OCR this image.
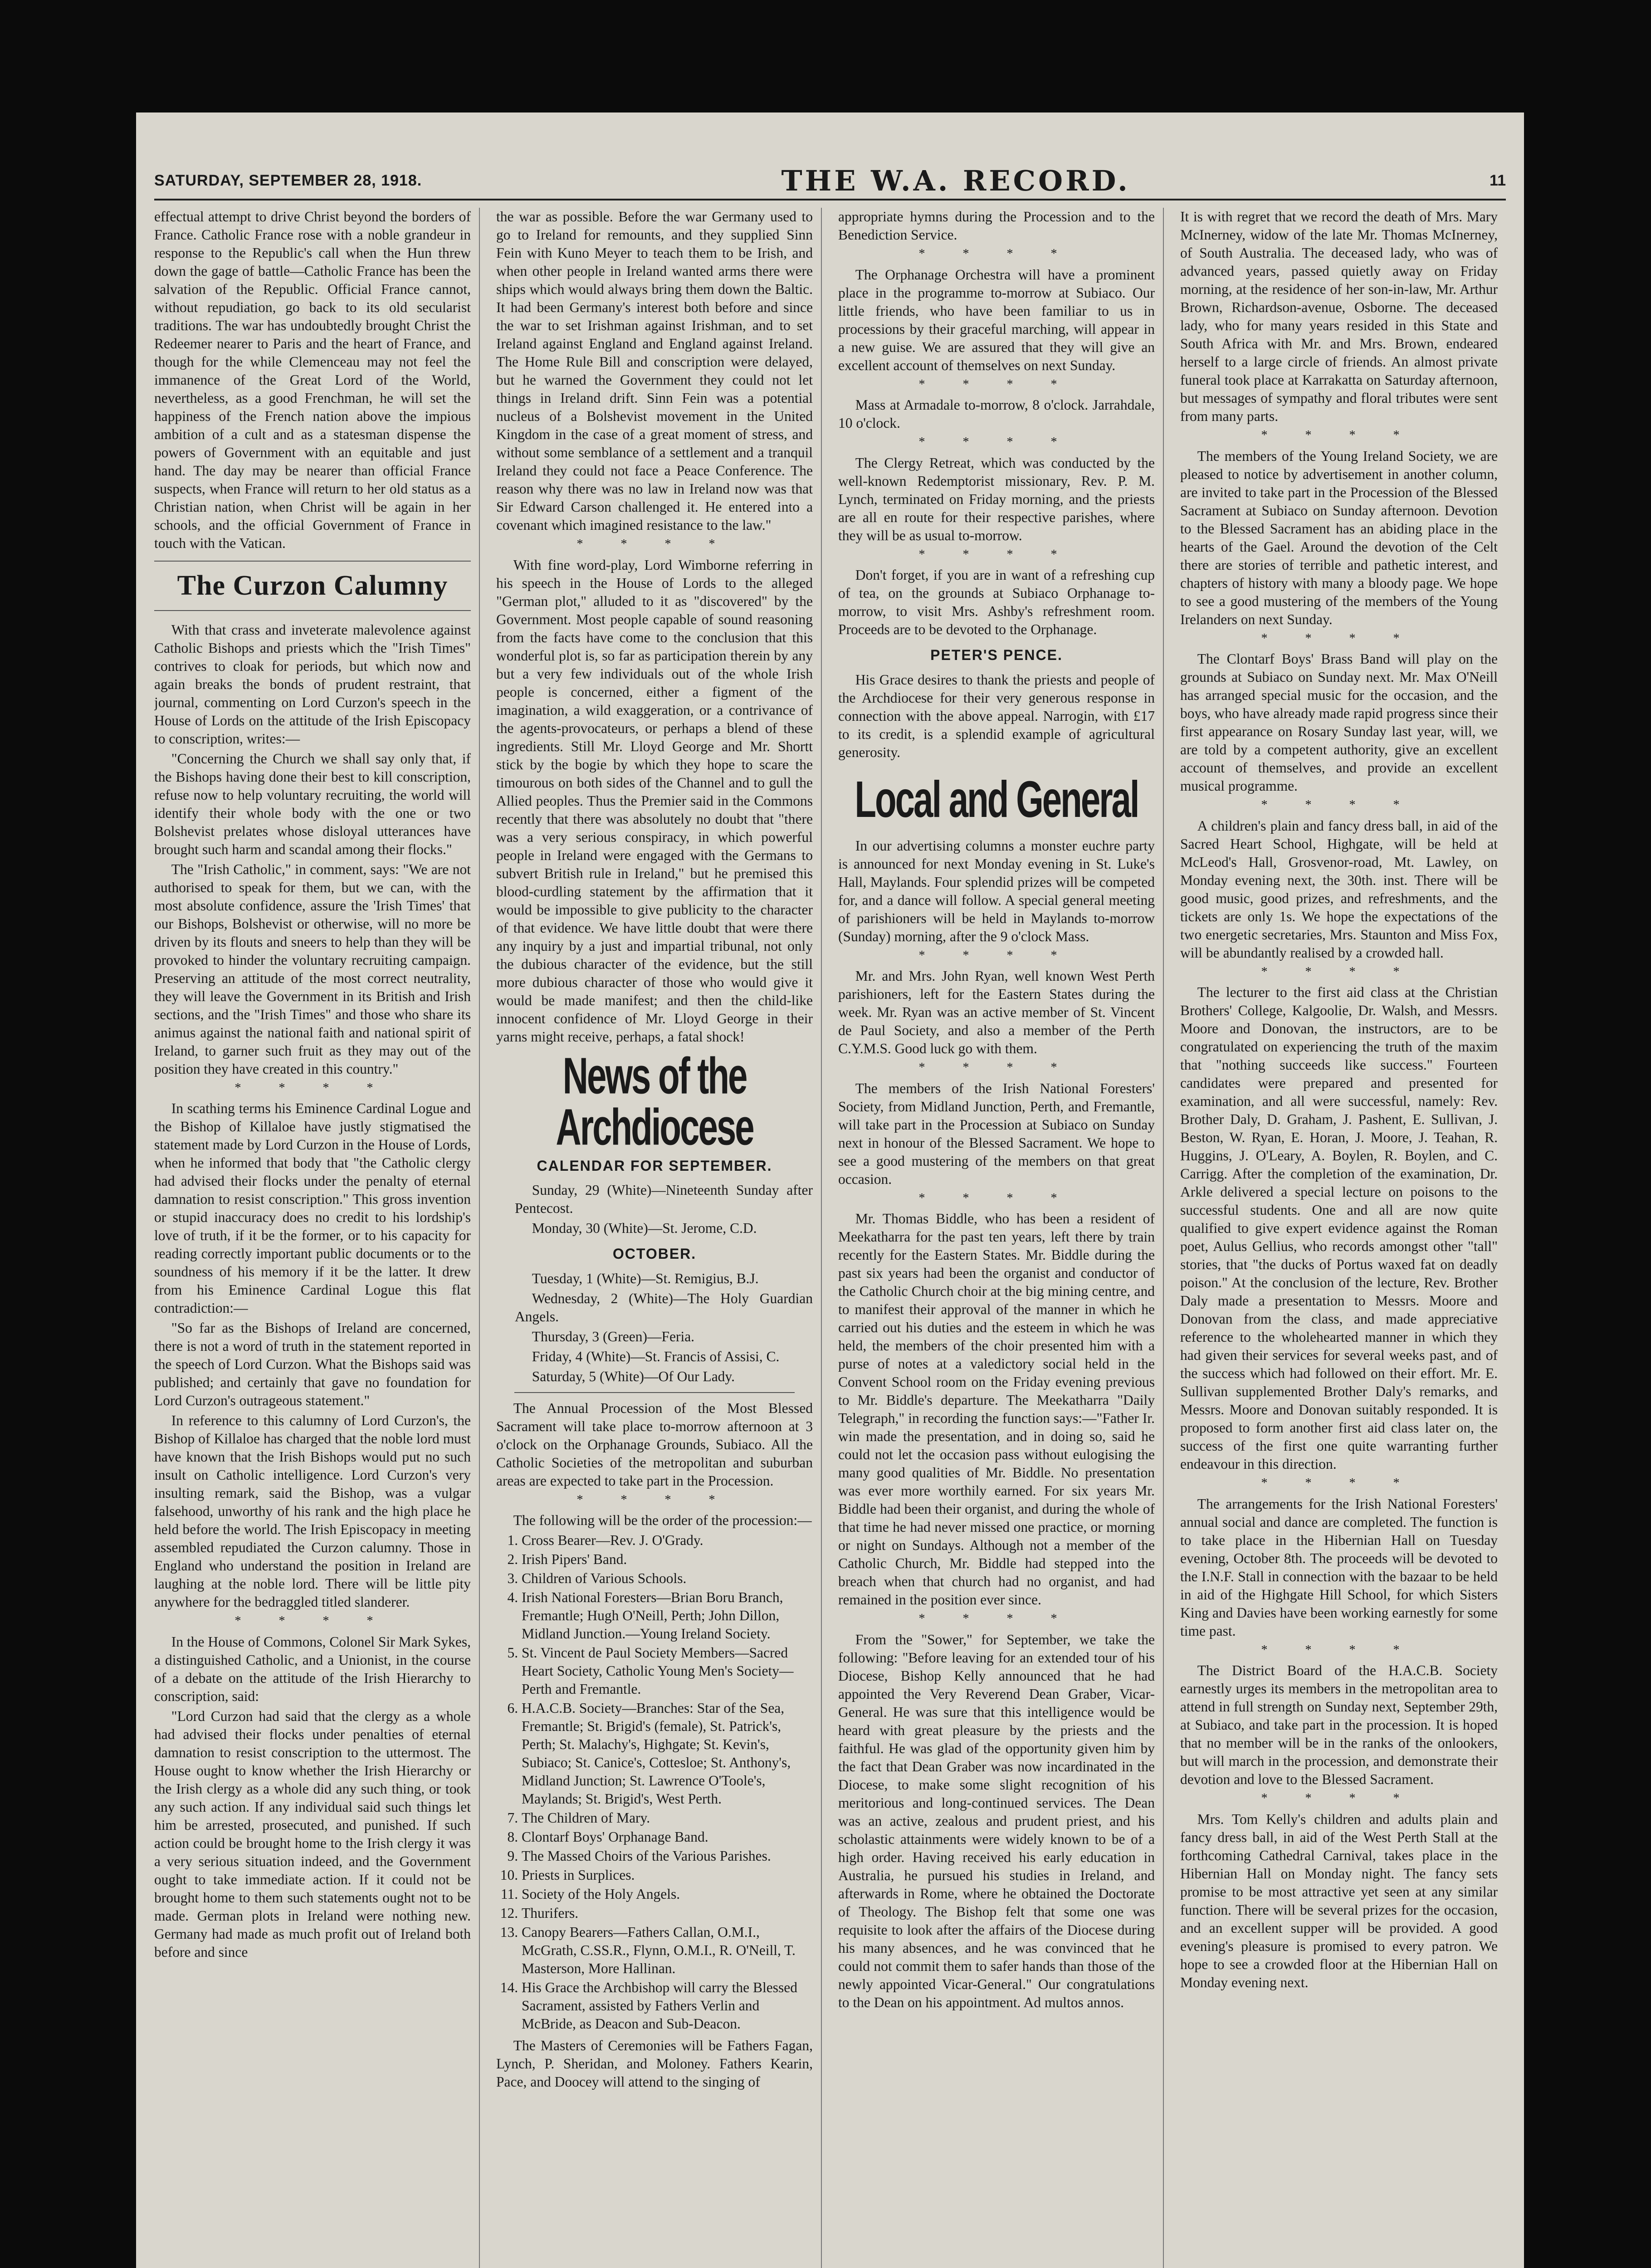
SATURDAY, SEPTEMBER 28, 1918.	THE W.A. RECORD.	11

effectual attempt to drive Christ beyond the borders of France. Catholic France rose with a noble grandeur in response to the Republic's call when the Hun threw down the gage of battle—Catholic France has been the salvation of the Republic. Official France cannot, without repudiation, go back to its old secularist traditions. The war has undoubtedly brought Christ the Redeemer nearer to Paris and the heart of France, and though for the while Clemenceau may not feel the immanence of the Great Lord of the World, nevertheless, as a good Frenchman, he will set the happiness of the French nation above the impious ambition of a cult and as a statesman dispense the powers of Government with an equitable and just hand. The day may be nearer than official France suspects, when France will return to her old status as a Christian nation, when Christ will be again in her schools, and the official Government of France in touch with the Vatican.

The Curzon Calumny

With that crass and inveterate malevolence against Catholic Bishops and priests which the "Irish Times" contrives to cloak for periods, but which now and again breaks the bonds of prudent restraint, that journal, commenting on Lord Curzon's speech in the House of Lords on the attitude of the Irish Episcopacy to conscription, writes:—

"Concerning the Church we shall say only that, if the Bishops having done their best to kill conscription, refuse now to help voluntary recruiting, the world will identify their whole body with the one or two Bolshevist prelates whose disloyal utterances have brought such harm and scandal among their flocks."

The "Irish Catholic," in comment, says: "We are not authorised to speak for them, but we can, with the most absolute confidence, assure the 'Irish Times' that our Bishops, Bolshevist or otherwise, will no more be driven by its flouts and sneers to help than they will be provoked to hinder the voluntary recruiting campaign. Preserving an attitude of the most correct neutrality, they will leave the Government in its British and Irish sections, and the "Irish Times" and those who share its animus against the national faith and national spirit of Ireland, to garner such fruit as they may out of the position they have created in this country."

* * * *

In scathing terms his Eminence Cardinal Logue and the Bishop of Killaloe have justly stigmatised the statement made by Lord Curzon in the House of Lords, when he informed that body that "the Catholic clergy had advised their flocks under the penalty of eternal damnation to resist conscription." This gross invention or stupid inaccuracy does no credit to his lordship's love of truth, if it be the former, or to his capacity for reading correctly important public documents or to the soundness of his memory if it be the latter. It drew from his Eminence Cardinal Logue this flat contradiction:—

"So far as the Bishops of Ireland are concerned, there is not a word of truth in the statement reported in the speech of Lord Curzon. What the Bishops said was published; and certainly that gave no foundation for Lord Curzon's outrageous statement."

In reference to this calumny of Lord Curzon's, the Bishop of Killaloe has charged that the noble lord must have known that the Irish Bishops would put no such insult on Catholic intelligence. Lord Curzon's very insulting remark, said the Bishop, was a vulgar falsehood, unworthy of his rank and the high place he held before the world. The Irish Episcopacy in meeting assembled repudiated the Curzon calumny. Those in England who understand the position in Ireland are laughing at the noble lord. There will be little pity anywhere for the bedraggled titled slanderer.

* * * *

In the House of Commons, Colonel Sir Mark Sykes, a distinguished Catholic, and a Unionist, in the course of a debate on the attitude of the Irish Hierarchy to conscription, said:

"Lord Curzon had said that the clergy as a whole had advised their flocks under penalties of eternal damnation to resist conscription to the uttermost. The House ought to know whether the Irish Hierarchy or the Irish clergy as a whole did any such thing, or took any such action. If any individual said such things let him be arrested, prosecuted, and punished. If such action could be brought home to the Irish clergy it was a very serious situation indeed, and the Government ought to take immediate action. If it could not be brought home to them such statements ought not to be made. German plots in Ireland were nothing new. Germany had made as much profit out of Ireland both before and since

the war as possible. Before the war Germany used to go to Ireland for remounts, and they supplied Sinn Fein with Kuno Meyer to teach them to be Irish, and when other people in Ireland wanted arms there were ships which would always bring them down the Baltic. It had been Germany's interest both before and since the war to set Irishman against Irishman, and to set Ireland against England and England against Ireland. The Home Rule Bill and conscription were delayed, but he warned the Government they could not let things in Ireland drift. Sinn Fein was a potential nucleus of a Bolshevist movement in the United Kingdom in the case of a great moment of stress, and without some semblance of a settlement and a tranquil Ireland they could not face a Peace Conference. The reason why there was no law in Ireland now was that Sir Edward Carson challenged it. He entered into a covenant which imagined resistance to the law."

* * * *

With fine word-play, Lord Wimborne referring in his speech in the House of Lords to the alleged "German plot," alluded to it as "discovered" by the Government. Most people capable of sound reasoning from the facts have come to the conclusion that this wonderful plot is, so far as participation therein by any but a very few individuals out of the whole Irish people is concerned, either a figment of the imagination, a wild exaggeration, or a contrivance of the agents-provocateurs, or perhaps a blend of these ingredients. Still Mr. Lloyd George and Mr. Shortt stick by the bogie by which they hope to scare the timourous on both sides of the Channel and to gull the Allied peoples. Thus the Premier said in the Commons recently that there was absolutely no doubt that "there was a very serious conspiracy, in which powerful people in Ireland were engaged with the Germans to subvert British rule in Ireland," but he premised this blood-curdling statement by the affirmation that it would be impossible to give publicity to the character of that evidence. We have little doubt that were there any inquiry by a just and impartial tribunal, not only the dubious character of the evidence, but the still more dubious character of those who would give it would be made manifest; and then the child-like innocent confidence of Mr. Lloyd George in their yarns might receive, perhaps, a fatal shock!

News of the Archdiocese
CALENDAR FOR SEPTEMBER.

Sunday, 29 (White)—Nineteenth Sunday after Pentecost.

Monday, 30 (White)—St. Jerome, C.D.

OCTOBER.

Tuesday, 1 (White)—St. Remigius, B.J.

Wednesday, 2 (White)—The Holy Guardian Angels.

Thursday, 3 (Green)—Feria.

Friday, 4 (White)—St. Francis of Assisi, C.

Saturday, 5 (White)—Of Our Lady.

The Annual Procession of the Most Blessed Sacrament will take place to-morrow afternoon at 3 o'clock on the Orphanage Grounds, Subiaco. All the Catholic Societies of the metropolitan and suburban areas are expected to take part in the Procession.

* * * *

The following will be the order of the procession:—

1. Cross Bearer—Rev. J. O'Grady.
2. Irish Pipers' Band.
3. Children of Various Schools.
4. Irish National Foresters—Brian Boru Branch, Fremantle; Hugh O'Neill, Perth; John Dillon, Midland Junction.—Young Ireland Society.
5. St. Vincent de Paul Society Members—Sacred Heart Society, Catholic Young Men's Society—Perth and Fremantle.
6. H.A.C.B. Society—Branches: Star of the Sea, Fremantle; St. Brigid's (female), St. Patrick's, Perth; St. Malachy's, Highgate; St. Kevin's, Subiaco; St. Canice's, Cottesloe; St. Anthony's, Midland Junction; St. Lawrence O'Toole's, Maylands; St. Brigid's, West Perth.
7. The Children of Mary.
8. Clontarf Boys' Orphanage Band.
9. The Massed Choirs of the Various Parishes.
10. Priests in Surplices.
11. Society of the Holy Angels.
12. Thurifers.
13. Canopy Bearers—Fathers Callan, O.M.I., McGrath, C.SS.R., Flynn, O.M.I., R. O'Neill, T. Masterson, More Hallinan.
14. His Grace the Archbishop will carry the Blessed Sacrament, assisted by Fathers Verlin and McBride, as Deacon and Sub-Deacon.

The Masters of Ceremonies will be Fathers Fagan, Lynch, P. Sheridan, and Moloney. Fathers Kearin, Pace, and Doocey will attend to the singing of

appropriate hymns during the Procession and to the Benediction Service.

* * * *

The Orphanage Orchestra will have a prominent place in the programme to-morrow at Subiaco. Our little friends, who have been familiar to us in processions by their graceful marching, will appear in a new guise. We are assured that they will give an excellent account of themselves on next Sunday.

* * * *

Mass at Armadale to-morrow, 8 o'clock. Jarrahdale, 10 o'clock.

* * * *

The Clergy Retreat, which was conducted by the well-known Redemptorist missionary, Rev. P. M. Lynch, terminated on Friday morning, and the priests are all en route for their respective parishes, where they will be as usual to-morrow.

* * * *

Don't forget, if you are in want of a refreshing cup of tea, on the grounds at Subiaco Orphanage to-morrow, to visit Mrs. Ashby's refreshment room. Proceeds are to be devoted to the Orphanage.

PETER'S PENCE.

His Grace desires to thank the priests and people of the Archdiocese for their very generous response in connection with the above appeal. Narrogin, with £17 to its credit, is a splendid example of agricultural generosity.

Local and General

In our advertising columns a monster euchre party is announced for next Monday evening in St. Luke's Hall, Maylands. Four splendid prizes will be competed for, and a dance will follow. A special general meeting of parishioners will be held in Maylands to-morrow (Sunday) morning, after the 9 o'clock Mass.

* * * *

Mr. and Mrs. John Ryan, well known West Perth parishioners, left for the Eastern States during the week. Mr. Ryan was an active member of St. Vincent de Paul Society, and also a member of the Perth C.Y.M.S. Good luck go with them.

* * * *

The members of the Irish National Foresters' Society, from Midland Junction, Perth, and Fremantle, will take part in the Procession at Subiaco on Sunday next in honour of the Blessed Sacrament. We hope to see a good mustering of the members on that great occasion.

* * * *

Mr. Thomas Biddle, who has been a resident of Meekatharra for the past ten years, left there by train recently for the Eastern States. Mr. Biddle during the past six years had been the organist and conductor of the Catholic Church choir at the big mining centre, and to manifest their approval of the manner in which he carried out his duties and the esteem in which he was held, the members of the choir presented him with a purse of notes at a valedictory social held in the Convent School room on the Friday evening previous to Mr. Biddle's departure. The Meekatharra "Daily Telegraph," in recording the function says:—"Father Ir. win made the presentation, and in doing so, said he could not let the occasion pass without eulogising the many good qualities of Mr. Biddle. No presentation was ever more worthily earned. For six years Mr. Biddle had been their organist, and during the whole of that time he had never missed one practice, or morning or night on Sundays. Although not a member of the Catholic Church, Mr. Biddle had stepped into the breach when that church had no organist, and had remained in the position ever since.

* * * *

From the "Sower," for September, we take the following: "Before leaving for an extended tour of his Diocese, Bishop Kelly announced that he had appointed the Very Reverend Dean Graber, Vicar-General. He was sure that this intelligence would be heard with great pleasure by the priests and the faithful. He was glad of the opportunity given him by the fact that Dean Graber was now incardinated in the Diocese, to make some slight recognition of his meritorious and long-continued services. The Dean was an active, zealous and prudent priest, and his scholastic attainments were widely known to be of a high order. Having received his early education in Australia, he pursued his studies in Ireland, and afterwards in Rome, where he obtained the Doctorate of Theology. The Bishop felt that some one was requisite to look after the affairs of the Diocese during his many absences, and he was convinced that he could not commit them to safer hands than those of the newly appointed Vicar-General." Our congratulations to the Dean on his appointment. Ad multos annos.

It is with regret that we record the death of Mrs. Mary McInerney, widow of the late Mr. Thomas McInerney, of South Australia. The deceased lady, who was of advanced years, passed quietly away on Friday morning, at the residence of her son-in-law, Mr. Arthur Brown, Richardson-avenue, Osborne. The deceased lady, who for many years resided in this State and South Africa with Mr. and Mrs. Brown, endeared herself to a large circle of friends. An almost private funeral took place at Karrakatta on Saturday afternoon, but messages of sympathy and floral tributes were sent from many parts.

* * * *

The members of the Young Ireland Society, we are pleased to notice by advertisement in another column, are invited to take part in the Procession of the Blessed Sacrament at Subiaco on Sunday afternoon. Devotion to the Blessed Sacrament has an abiding place in the hearts of the Gael. Around the devotion of the Celt there are stories of terrible and pathetic interest, and chapters of history with many a bloody page. We hope to see a good mustering of the members of the Young Irelanders on next Sunday.

* * * *

The Clontarf Boys' Brass Band will play on the grounds at Subiaco on Sunday next. Mr. Max O'Neill has arranged special music for the occasion, and the boys, who have already made rapid progress since their first appearance on Rosary Sunday last year, will, we are told by a competent authority, give an excellent account of themselves, and provide an excellent musical programme.

* * * *

A children's plain and fancy dress ball, in aid of the Sacred Heart School, Highgate, will be held at McLeod's Hall, Grosvenor-road, Mt. Lawley, on Monday evening next, the 30th. inst. There will be good music, good prizes, and refreshments, and the tickets are only 1s. We hope the expectations of the two energetic secretaries, Mrs. Staunton and Miss Fox, will be abundantly realised by a crowded hall.

* * * *

The lecturer to the first aid class at the Christian Brothers' College, Kalgoolie, Dr. Walsh, and Messrs. Moore and Donovan, the instructors, are to be congratulated on experiencing the truth of the maxim that "nothing succeeds like success." Fourteen candidates were prepared and presented for examination, and all were successful, namely: Rev. Brother Daly, D. Graham, J. Pashent, E. Sullivan, J. Beston, W. Ryan, E. Horan, J. Moore, J. Teahan, R. Huggins, J. O'Leary, A. Boylen, R. Boylen, and C. Carrigg. After the completion of the examination, Dr. Arkle delivered a special lecture on poisons to the successful students. One and all are now quite qualified to give expert evidence against the Roman poet, Aulus Gellius, who records amongst other "tall" stories, that "the ducks of Portus waxed fat on deadly poison." At the conclusion of the lecture, Rev. Brother Daly made a presentation to Messrs. Moore and Donovan from the class, and made appreciative reference to the wholehearted manner in which they had given their services for several weeks past, and of the success which had followed on their effort. Mr. E. Sullivan supplemented Brother Daly's remarks, and Messrs. Moore and Donovan suitably responded. It is proposed to form another first aid class later on, the success of the first one quite warranting further endeavour in this direction.

* * * *

The arrangements for the Irish National Foresters' annual social and dance are completed. The function is to take place in the Hibernian Hall on Tuesday evening, October 8th. The proceeds will be devoted to the I.N.F. Stall in connection with the bazaar to be held in aid of the Highgate Hill School, for which Sisters King and Davies have been working earnestly for some time past.

* * * *

The District Board of the H.A.C.B. Society earnestly urges its members in the metropolitan area to attend in full strength on Sunday next, September 29th, at Subiaco, and take part in the procession. It is hoped that no member will be in the ranks of the onlookers, but will march in the procession, and demonstrate their devotion and love to the Blessed Sacrament.

* * * *

Mrs. Tom Kelly's children and adults plain and fancy dress ball, in aid of the West Perth Stall at the forthcoming Cathedral Carnival, takes place in the Hibernian Hall on Monday night. The fancy sets promise to be most attractive yet seen at any similar function. There will be several prizes for the occasion, and an excellent supper will be provided. A good evening's pleasure is promised to every patron. We hope to see a crowded floor at the Hibernian Hall on Monday evening next.
